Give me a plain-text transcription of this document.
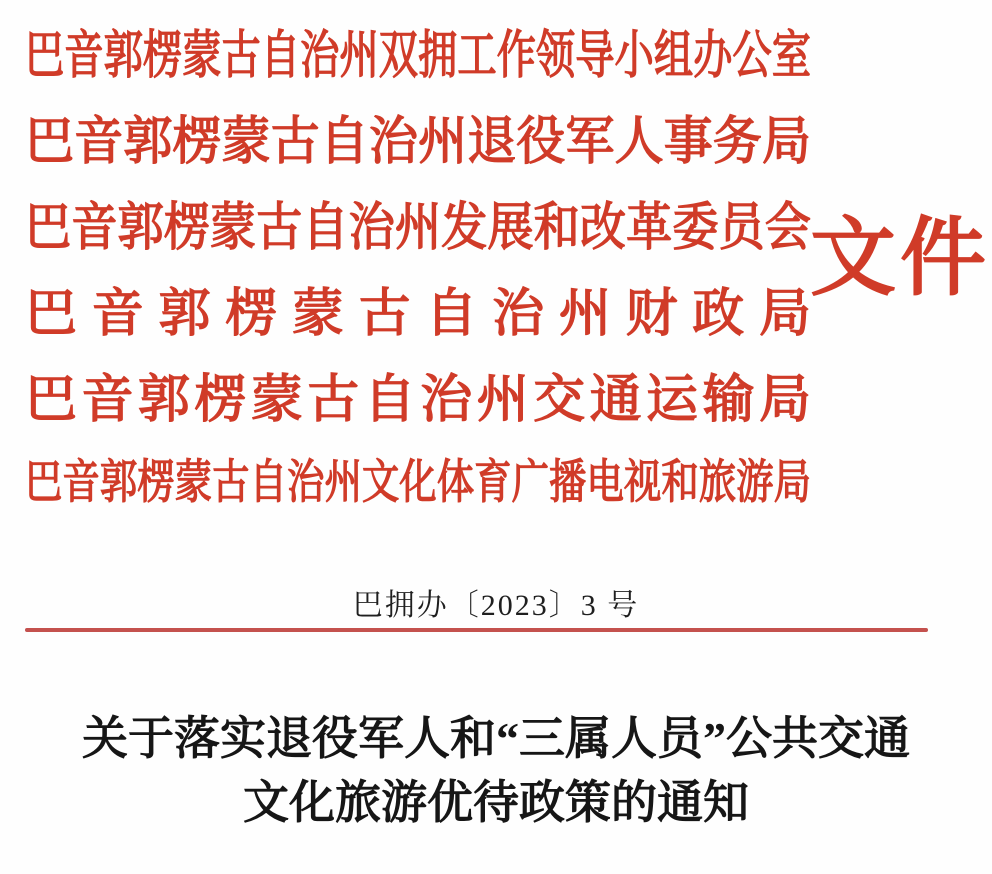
巴音郭楞蒙古自治州双拥工作领导小组办公室
巴音郭楞蒙古自治州退役军人事务局
巴音郭楞蒙古自治州发展和改革委员会
巴音郭楞蒙古自治州财政局
巴音郭楞蒙古自治州交通运输局
巴音郭楞蒙古自治州文化体育广播电视和旅游局
文件
巴拥办〔2023〕3 号
关于落实退役军人和“三属人员”公共交通
文化旅游优待政策的通知
